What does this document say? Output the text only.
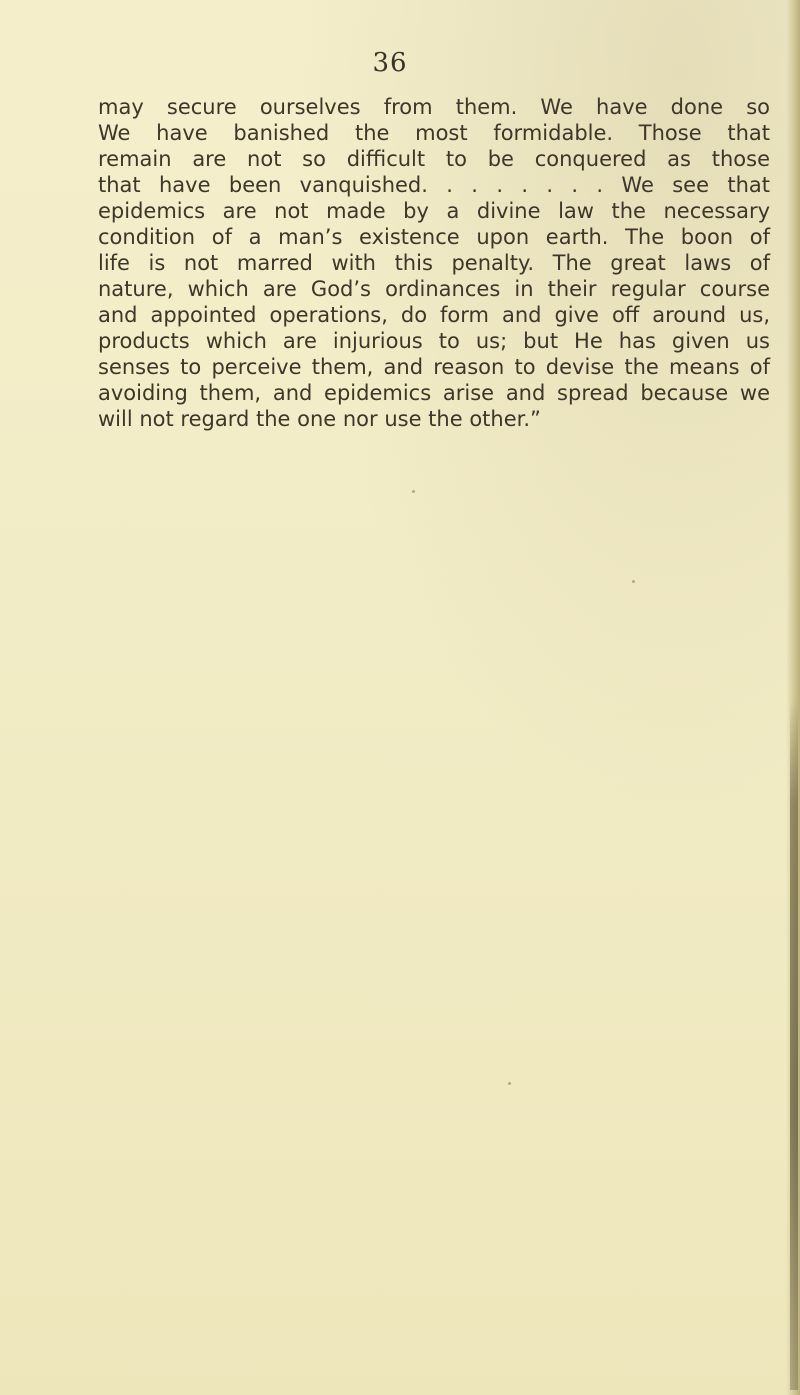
36
may secure ourselves from them. We have done so
We have banished the most formidable. Those that
remain are not so difficult to be conquered as those
that have been vanquished. . . . . . . . We see that
epidemics are not made by a divine law the necessary
condition of a man’s existence upon earth. The boon of
life is not marred with this penalty. The great laws of
nature, which are God’s ordinances in their regular course
and appointed operations, do form and give off around us,
products which are injurious to us; but He has given us
senses to perceive them, and reason to devise the means of
avoiding them, and epidemics arise and spread because we
will not regard the one nor use the other.”
